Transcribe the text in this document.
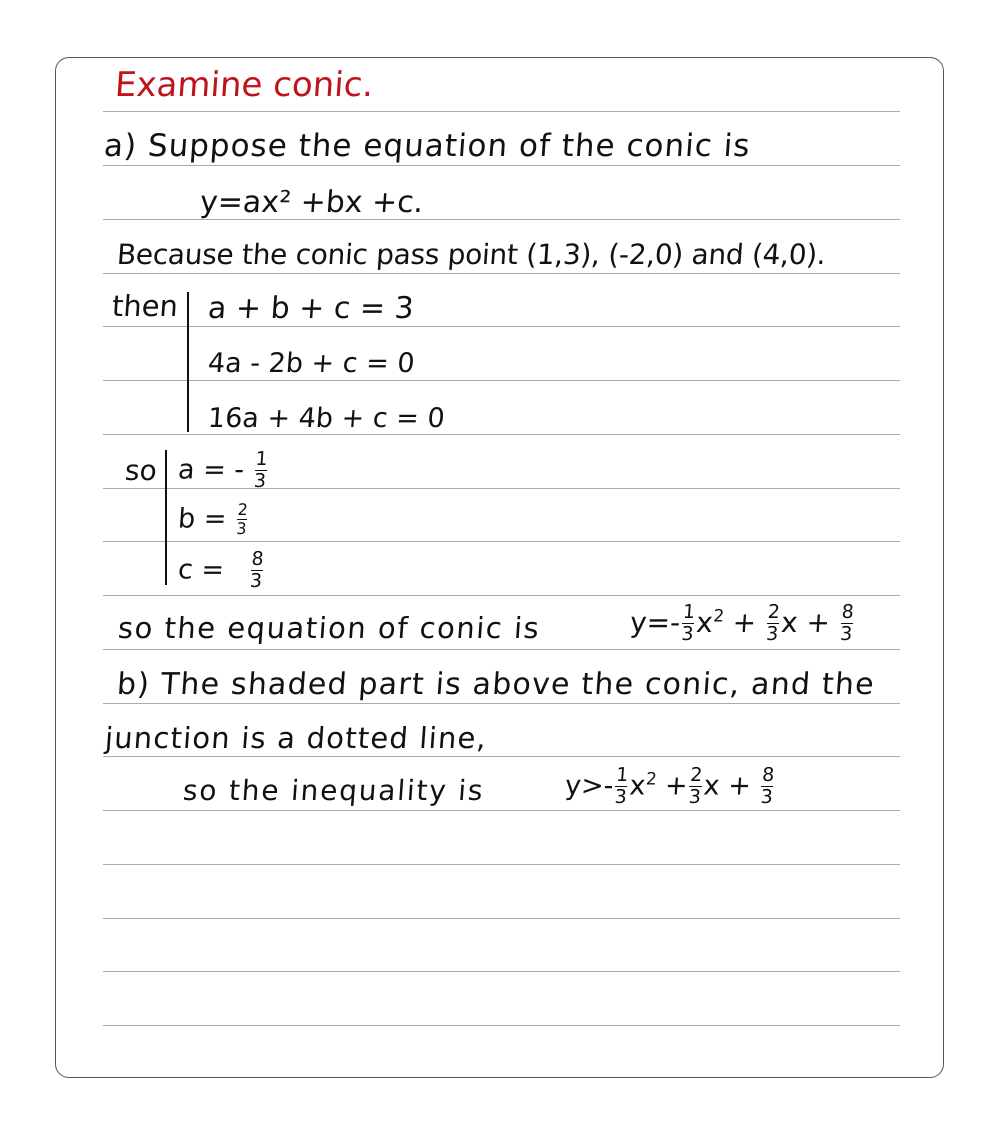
Examine conic.
a) Suppose the equation of the conic is
y=ax² +bx +c.
Because the conic pass point (1,3), (-2,0) and (4,0).
then a + b + c = 3
4a - 2b + c = 0
16a + 4b + c = 0
so a = - $\frac{1}{3}$
$b = \frac{2}{3}$
$c = \frac{8}{3}$
so the equation of conic is	$y=- \frac{1}{3} x^2 + \frac{2}{3}$ $x + \frac{8}{3}$
b) The shaded part is above the conic, and the
junction is a dotted line,
so the inequality is	$y>- \frac{1}{3} x^2 + \frac{2}{3}$ $x + \frac{8}{3}$
